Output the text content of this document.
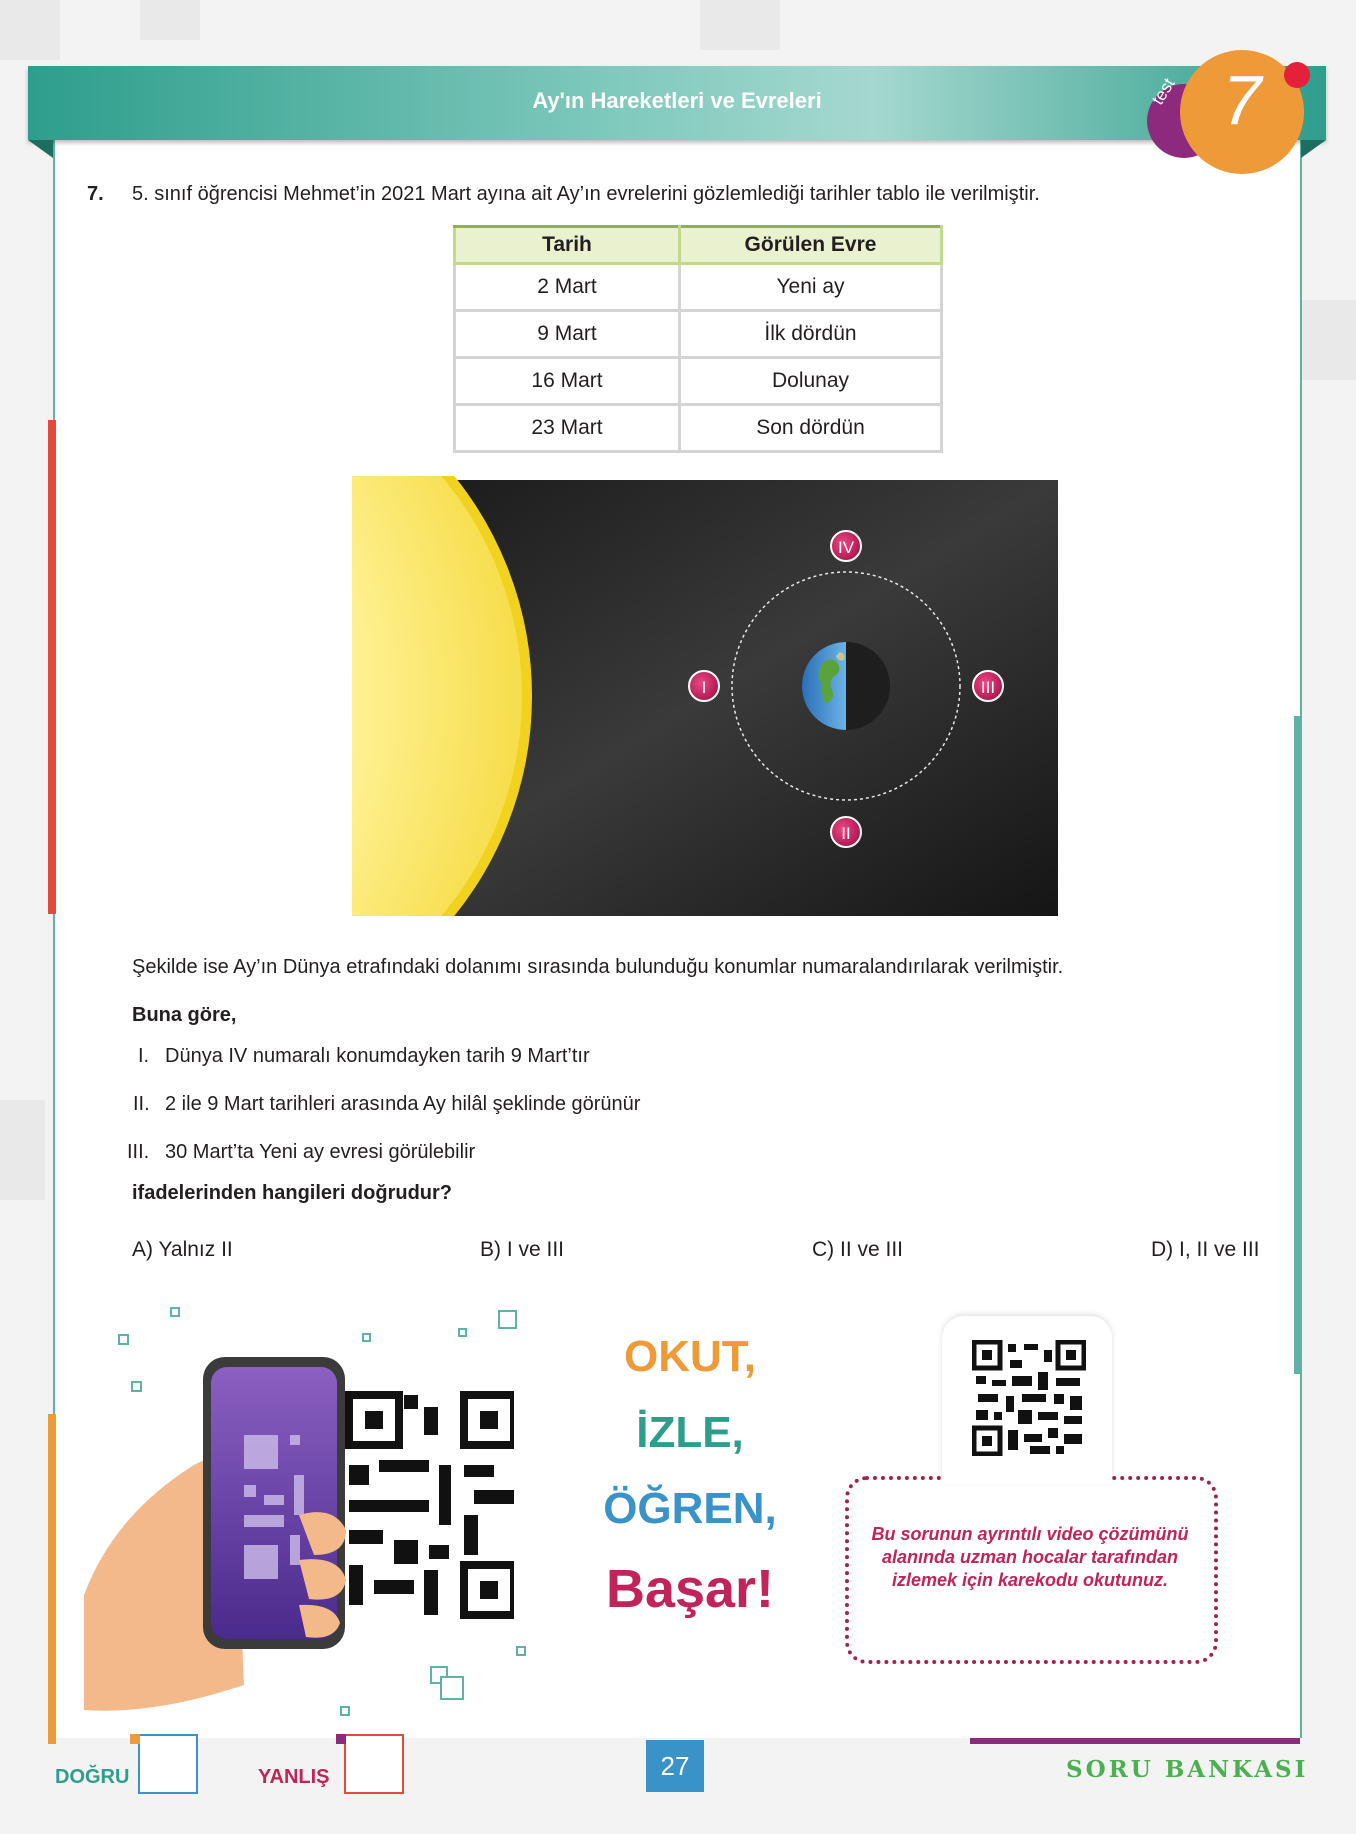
Ay'ın Hareketleri ve Evreleri	test 7
7. 5. sınıf öğrencisi Mehmet’in 2021 Mart ayına ait Ay’ın evrelerini gözlemlediği tarihler tablo ile verilmiştir.
Tarih	Görülen Evre
2 Mart	Yeni ay
9 Mart	İlk dördün
16 Mart	Dolunay
23 Mart	Son dördün
IV
I	III
II
Şekilde ise Ay’ın Dünya etrafındaki dolanımı sırasında bulunduğu konumlar numaralandırılarak verilmiştir.
Buna göre,
I. Dünya IV numaralı konumdayken tarih 9 Mart’tır
II. 2 ile 9 Mart tarihleri arasında Ay hilâl şeklinde görünür
III. 30 Mart’ta Yeni ay evresi görülebilir
ifadelerinden hangileri doğrudur?
A) Yalnız II	B) I ve III	C) II ve III	D) I, II ve III
OKUT,
İZLE,
ÖĞREN,
Başar!
Bu sorunun ayrıntılı video çözümünü alanında uzman hocalar tarafından izlemek için karekodu okutunuz.
DOĞRU	YANLIŞ	27	SORU BANKASI
